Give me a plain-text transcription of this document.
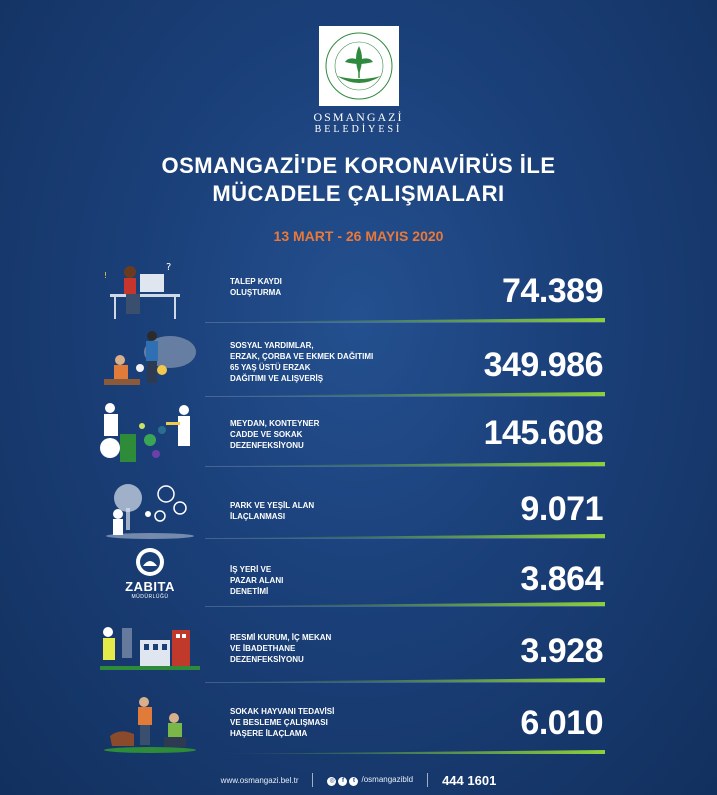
OSMANGAZİ
BELEDİYESİ
OSMANGAZİ'DE KORONAVİRÜS İLE
MÜCADELE ÇALIŞMALARI
13 MART - 26 MAYIS 2020
?
!
TALEP KAYDI
OLUŞTURMA	74.389
SOSYAL YARDIMLAR,
ERZAK, ÇORBA VE EKMEK DAĞITIMI
65 YAŞ ÜSTÜ ERZAK
DAĞITIMI VE ALIŞVERİŞ	349.986
MEYDAN, KONTEYNER
CADDE VE SOKAK
DEZENFEKSİYONU	145.608
PARK VE YEŞİL ALAN
İLAÇLANMASI	9.071
ZABITA
MÜDÜRLÜĞÜ
İŞ YERİ VE
PAZAR ALANI
DENETİMİ	3.864
RESMİ KURUM, İÇ MEKAN
VE İBADETHANE
DEZENFEKSİYONU	3.928
SOKAK HAYVANI TEDAVİSİ
VE BESLEME ÇALIŞMASI
HAŞERE İLAÇLAMA	6.010
www.osmangazi.bel.tr	◎	f	t /osmangazibld 444 1601
